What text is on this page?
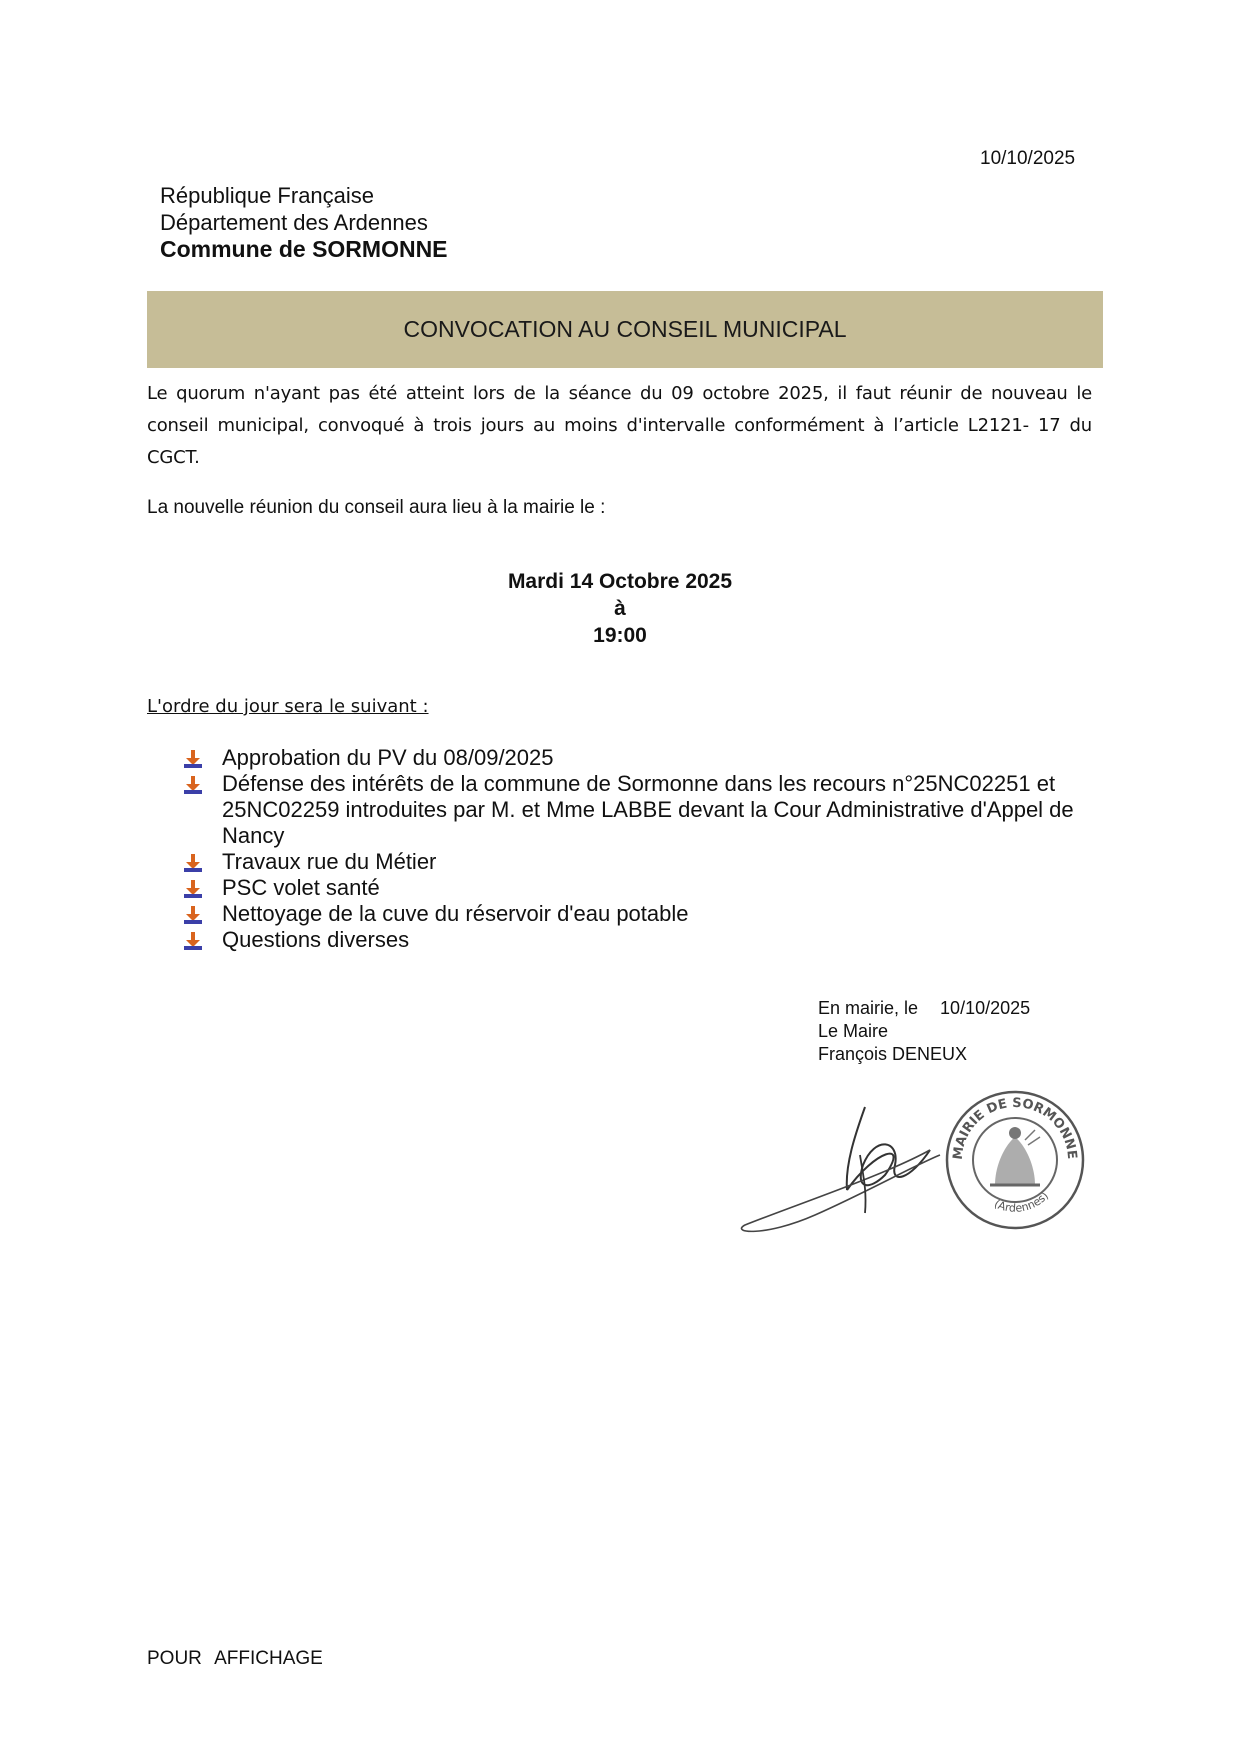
10/10/2025
République Française
Département des Ardennes
Commune de SORMONNE
CONVOCATION AU CONSEIL MUNICIPAL
Le quorum n'ayant pas été atteint lors de la séance du 09 octobre 2025, il faut réunir de nouveau le conseil municipal, convoqué à trois jours au moins d'intervalle conformément à l’article L2121- 17 du CGCT.
La nouvelle réunion du conseil aura lieu à la mairie le :
Mardi 14 Octobre 2025
à
19:00
L'ordre du jour sera le suivant :
Approbation du PV du 08/09/2025
Défense des intérêts de la commune de Sormonne dans les recours n°25NC02251 et 25NC02259 introduites par M. et Mme LABBE devant la Cour Administrative d'Appel de Nancy
Travaux rue du Métier
PSC volet santé
Nettoyage de la cuve du réservoir d'eau potable
Questions diverses
En mairie, le 10/10/2025
Le Maire
François DENEUX
MAIRIE DE SORMONNE
(Ardennes)
POUR AFFICHAGE
